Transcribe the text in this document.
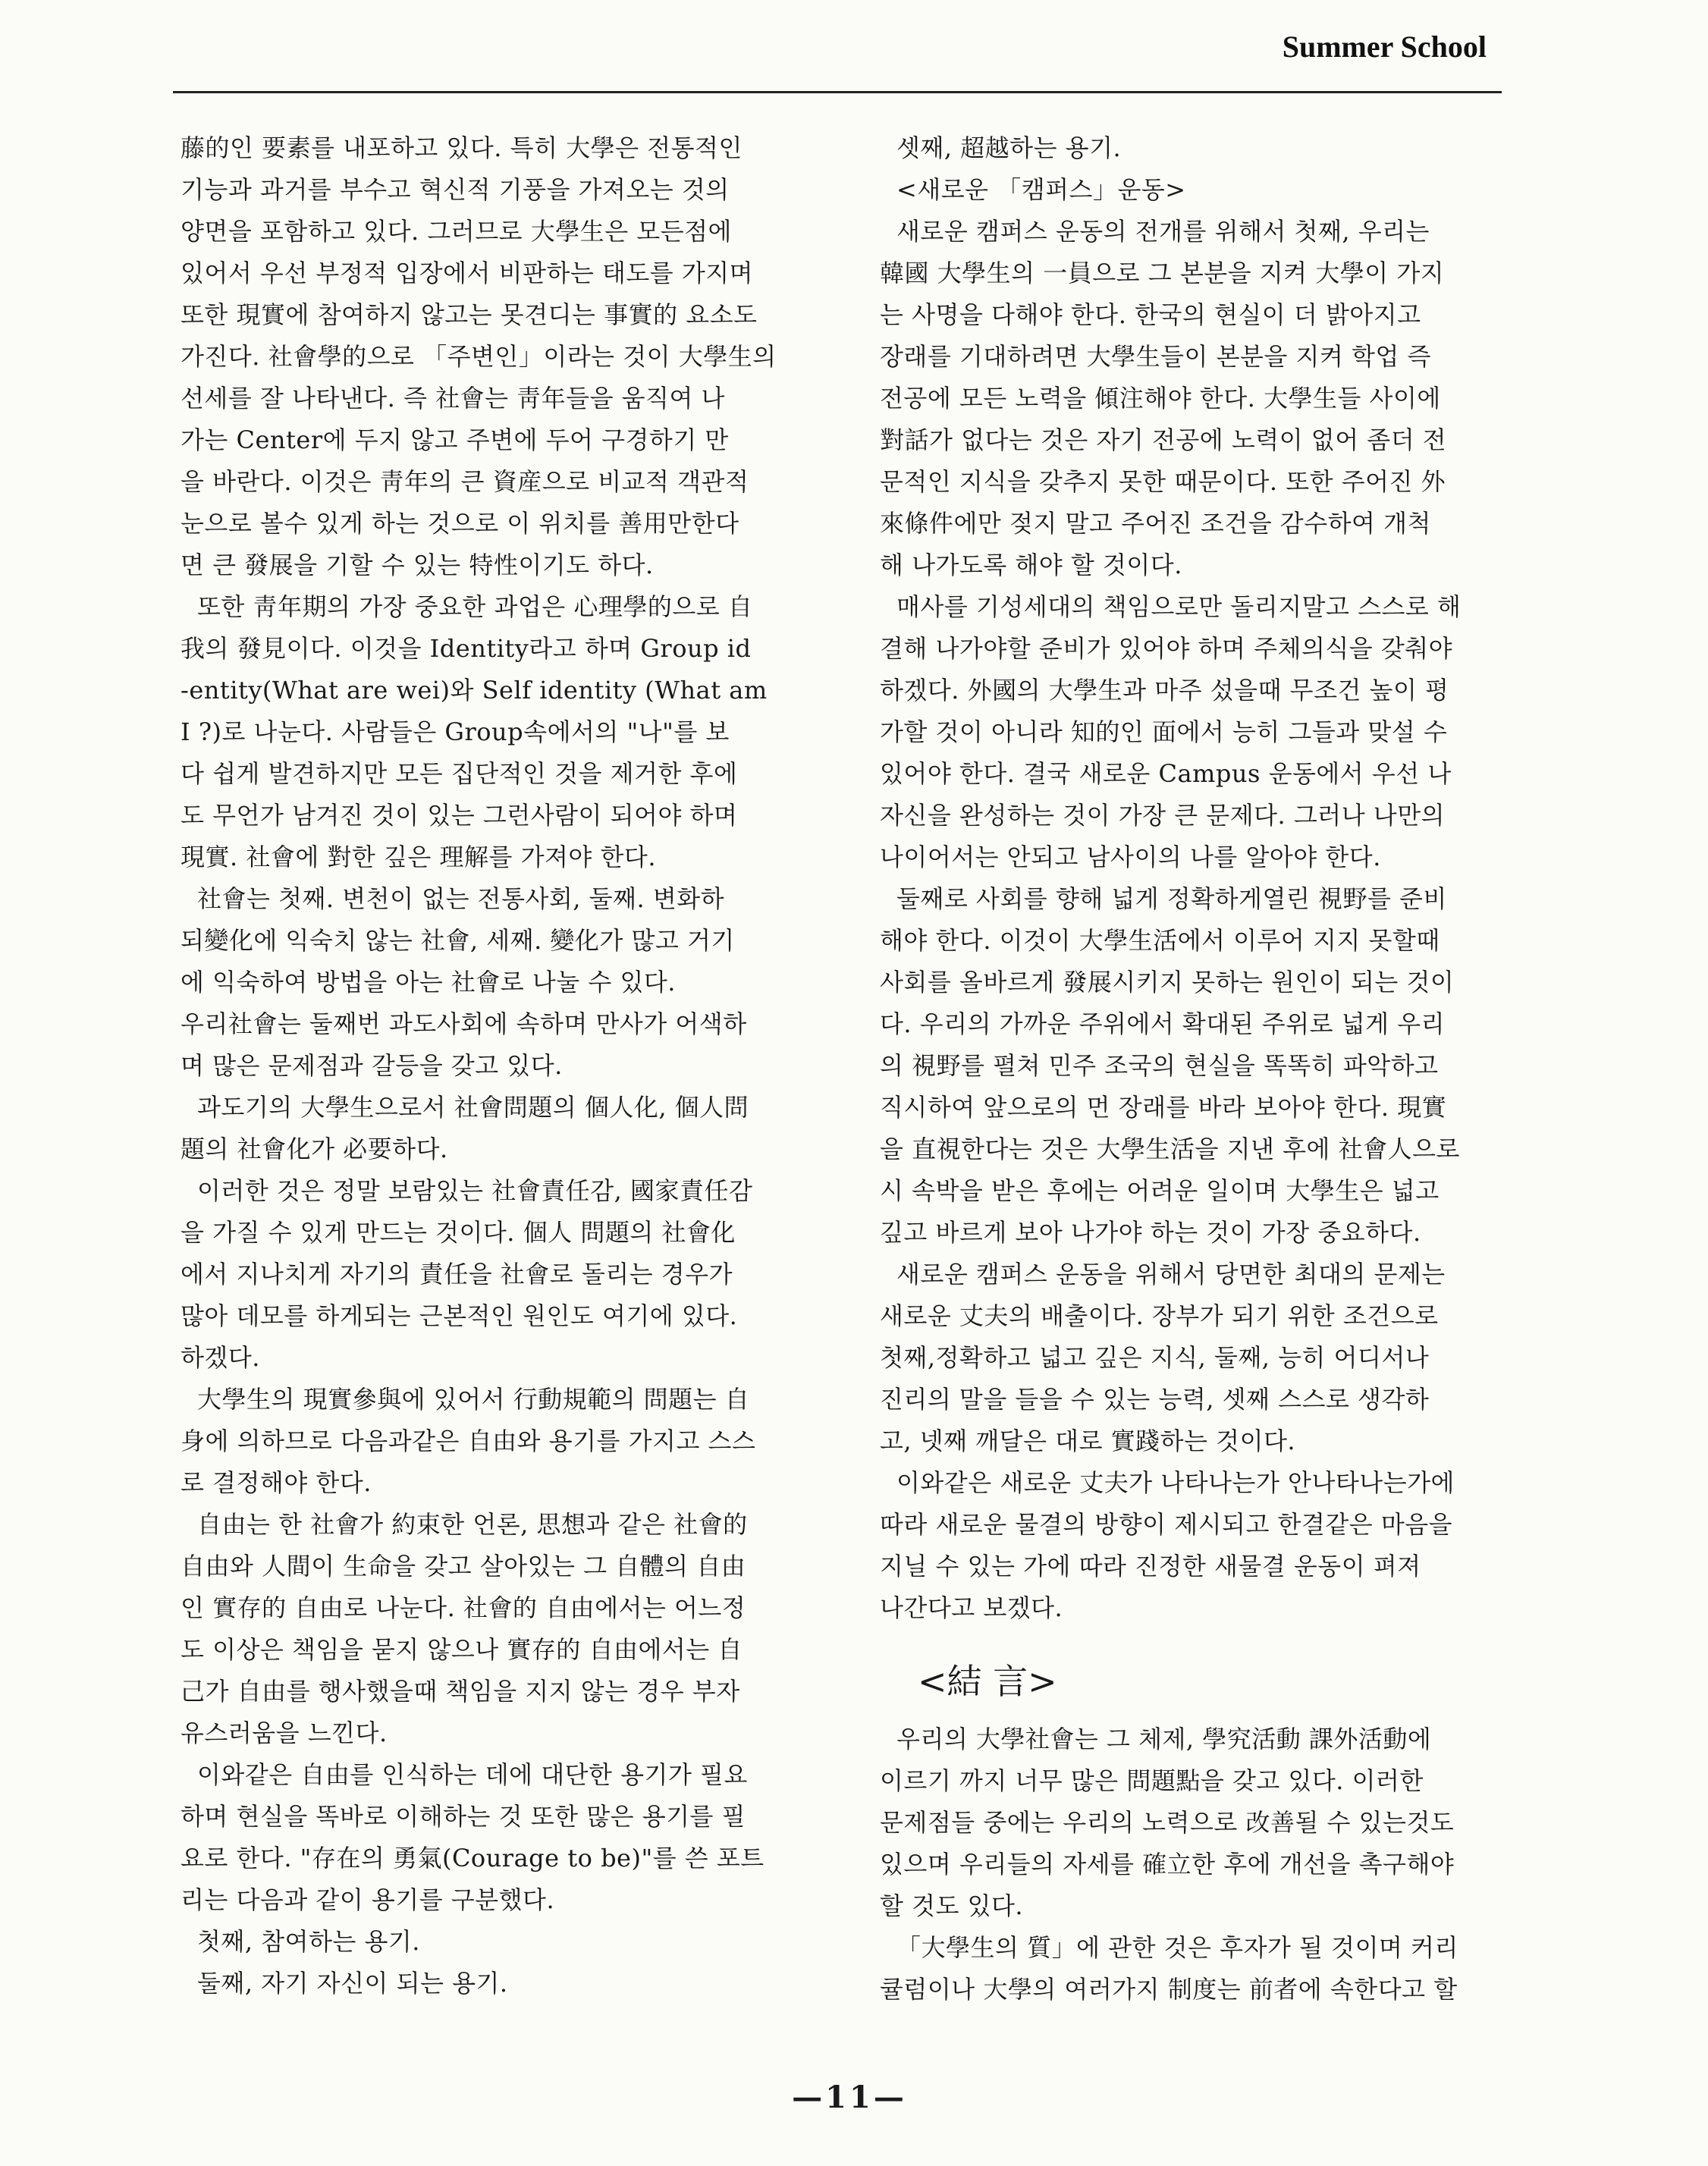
Summer School
藤的인 要素를 내포하고 있다. 특히 大學은 전통적인
기능과 과거를 부수고 혁신적 기풍을 가져오는 것의
양면을 포함하고 있다. 그러므로 大學生은 모든점에
있어서 우선 부정적 입장에서 비판하는 태도를 가지며
또한 現實에 참여하지 않고는 못견디는 事實的 요소도
가진다. 社會學的으로 「주변인」이라는 것이 大學生의
선세를 잘 나타낸다. 즉 社會는 靑年들을 움직여 나
가는 Center에 두지 않고 주변에 두어 구경하기 만
을 바란다. 이것은 靑年의 큰 資産으로 비교적 객관적
눈으로 볼수 있게 하는 것으로 이 위치를 善用만한다
면 큰 發展을 기할 수 있는 特性이기도 하다.
또한 靑年期의 가장 중요한 과업은 心理學的으로 自
我의 發見이다. 이것을 Identity라고 하며 Group id
-entity(What are wei)와 Self identity (What am
I ?)로 나눈다. 사람들은 Group속에서의 "나"를 보
다 쉽게 발견하지만 모든 집단적인 것을 제거한 후에
도 무언가 남겨진 것이 있는 그런사람이 되어야 하며
現實. 社會에 對한 깊은 理解를 가져야 한다.
社會는 첫째. 변천이 없는 전통사회, 둘째. 변화하
되變化에 익숙치 않는 社會, 세째. 變化가 많고 거기
에 익숙하여 방법을 아는 社會로 나눌 수 있다.
우리社會는 둘째번 과도사회에 속하며 만사가 어색하
며 많은 문제점과 갈등을 갖고 있다.
과도기의 大學生으로서 社會問題의 個人化, 個人問
題의 社會化가 必要하다.
이러한 것은 정말 보람있는 社會責任감, 國家責任감
을 가질 수 있게 만드는 것이다. 個人 問題의 社會化
에서 지나치게 자기의 責任을 社會로 돌리는 경우가
많아 데모를 하게되는 근본적인 원인도 여기에 있다.
하겠다.
大學生의 現實參與에 있어서 行動規範의 問題는 自
身에 의하므로 다음과같은 自由와 용기를 가지고 스스
로 결정해야 한다.
自由는 한 社會가 約束한 언론, 思想과 같은 社會的
自由와 人間이 生命을 갖고 살아있는 그 自體의 自由
인 實存的 自由로 나눈다. 社會的 自由에서는 어느정
도 이상은 책임을 묻지 않으나 實存的 自由에서는 自
己가 自由를 행사했을때 책임을 지지 않는 경우 부자
유스러움을 느낀다.
이와같은 自由를 인식하는 데에 대단한 용기가 필요
하며 현실을 똑바로 이해하는 것 또한 많은 용기를 필
요로 한다. "存在의 勇氣(Courage to be)"를 쓴 포트
리는 다음과 같이 용기를 구분했다.
첫째, 참여하는 용기.
둘째, 자기 자신이 되는 용기.
셋째, 超越하는 용기.
<새로운 「캠퍼스」운동>
새로운 캠퍼스 운동의 전개를 위해서 첫째, 우리는
韓國 大學生의 一員으로 그 본분을 지켜 大學이 가지
는 사명을 다해야 한다. 한국의 현실이 더 밝아지고
장래를 기대하려면 大學生들이 본분을 지켜 학업 즉
전공에 모든 노력을 傾注해야 한다. 大學生들 사이에
對話가 없다는 것은 자기 전공에 노력이 없어 좀더 전
문적인 지식을 갖추지 못한 때문이다. 또한 주어진 外
來條件에만 젖지 말고 주어진 조건을 감수하여 개척
해 나가도록 해야 할 것이다.
매사를 기성세대의 책임으로만 돌리지말고 스스로 해
결해 나가야할 준비가 있어야 하며 주체의식을 갖춰야
하겠다. 外國의 大學生과 마주 섰을때 무조건 높이 평
가할 것이 아니라 知的인 面에서 능히 그들과 맞설 수
있어야 한다. 결국 새로운 Campus 운동에서 우선 나
자신을 완성하는 것이 가장 큰 문제다. 그러나 나만의
나이어서는 안되고 남사이의 나를 알아야 한다.
둘째로 사회를 향해 넓게 정확하게열린 視野를 준비
해야 한다. 이것이 大學生活에서 이루어 지지 못할때
사회를 올바르게 發展시키지 못하는 원인이 되는 것이
다. 우리의 가까운 주위에서 확대된 주위로 넓게 우리
의 視野를 펼쳐 민주 조국의 현실을 똑똑히 파악하고
직시하여 앞으로의 먼 장래를 바라 보아야 한다. 現實
을 直視한다는 것은 大學生活을 지낸 후에 社會人으로
시 속박을 받은 후에는 어려운 일이며 大學生은 넓고
깊고 바르게 보아 나가야 하는 것이 가장 중요하다.
새로운 캠퍼스 운동을 위해서 당면한 최대의 문제는
새로운 丈夫의 배출이다. 장부가 되기 위한 조건으로
첫째,정확하고 넓고 깊은 지식, 둘째, 능히 어디서나
진리의 말을 들을 수 있는 능력, 셋째 스스로 생각하
고, 넷째 깨달은 대로 實踐하는 것이다.
이와같은 새로운 丈夫가 나타나는가 안나타나는가에
따라 새로운 물결의 방향이 제시되고 한결같은 마음을
지닐 수 있는 가에 따라 진정한 새물결 운동이 펴져
나간다고 보겠다.
<結 言>
우리의 大學社會는 그 체제, 學究活動 課外活動에
이르기 까지 너무 많은 問題點을 갖고 있다. 이러한
문제점들 중에는 우리의 노력으로 改善될 수 있는것도
있으며 우리들의 자세를 確立한 후에 개선을 촉구해야
할 것도 있다.
「大學生의 質」에 관한 것은 후자가 될 것이며 커리
큘럼이나 大學의 여러가지 制度는 前者에 속한다고 할
—11—
